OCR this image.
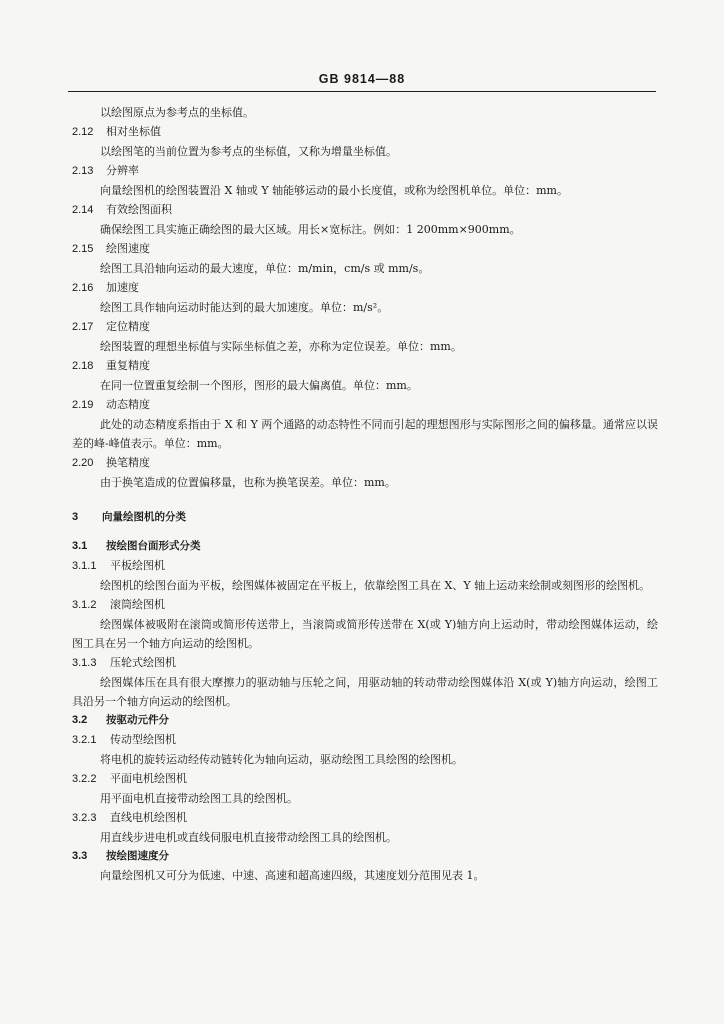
GB 9814—88
以绘图原点为参考点的坐标值。
2.12	相对坐标值
以绘图笔的当前位置为参考点的坐标值，又称为增量坐标值。
2.13	分辨率
向量绘图机的绘图装置沿 X 轴或 Y 轴能够运动的最小长度值，或称为绘图机单位。单位：mm。
2.14	有效绘图面积
确保绘图工具实施正确绘图的最大区域。用长×宽标注。例如：1 200mm×900mm。
2.15	绘图速度
绘图工具沿轴向运动的最大速度，单位：m/min，cm/s 或 mm/s。
2.16	加速度
绘图工具作轴向运动时能达到的最大加速度。单位：m/s²。
2.17	定位精度
绘图装置的理想坐标值与实际坐标值之差，亦称为定位误差。单位：mm。
2.18	重复精度
在同一位置重复绘制一个图形，图形的最大偏离值。单位：mm。
2.19	动态精度
此处的动态精度系指由于 X 和 Y 两个通路的动态特性不同而引起的理想图形与实际图形之间的偏移量。通常应以误差的峰-峰值表示。单位：mm。
2.20	换笔精度
由于换笔造成的位置偏移量，也称为换笔误差。单位：mm。
3	向量绘图机的分类
3.1	按绘图台面形式分类
3.1.1	平板绘图机
绘图机的绘图台面为平板，绘图媒体被固定在平板上，依靠绘图工具在 X、Y 轴上运动来绘制或刻图形的绘图机。
3.1.2	滚筒绘图机
绘图媒体被吸附在滚筒或简形传送带上，当滚筒或简形传送带在 X(或 Y)轴方向上运动时，带动绘图媒体运动，绘图工具在另一个轴方向运动的绘图机。
3.1.3	压轮式绘图机
绘图媒体压在具有很大摩擦力的驱动轴与压轮之间，用驱动轴的转动带动绘图媒体沿 X(或 Y)轴方向运动，绘图工具沿另一个轴方向运动的绘图机。
3.2	按驱动元件分
3.2.1	传动型绘图机
将电机的旋转运动经传动链转化为轴向运动，驱动绘图工具绘图的绘图机。
3.2.2	平面电机绘图机
用平面电机直接带动绘图工具的绘图机。
3.2.3	直线电机绘图机
用直线步进电机或直线伺服电机直接带动绘图工具的绘图机。
3.3	按绘图速度分
向量绘图机又可分为低速、中速、高速和超高速四级，其速度划分范围见表 1。
